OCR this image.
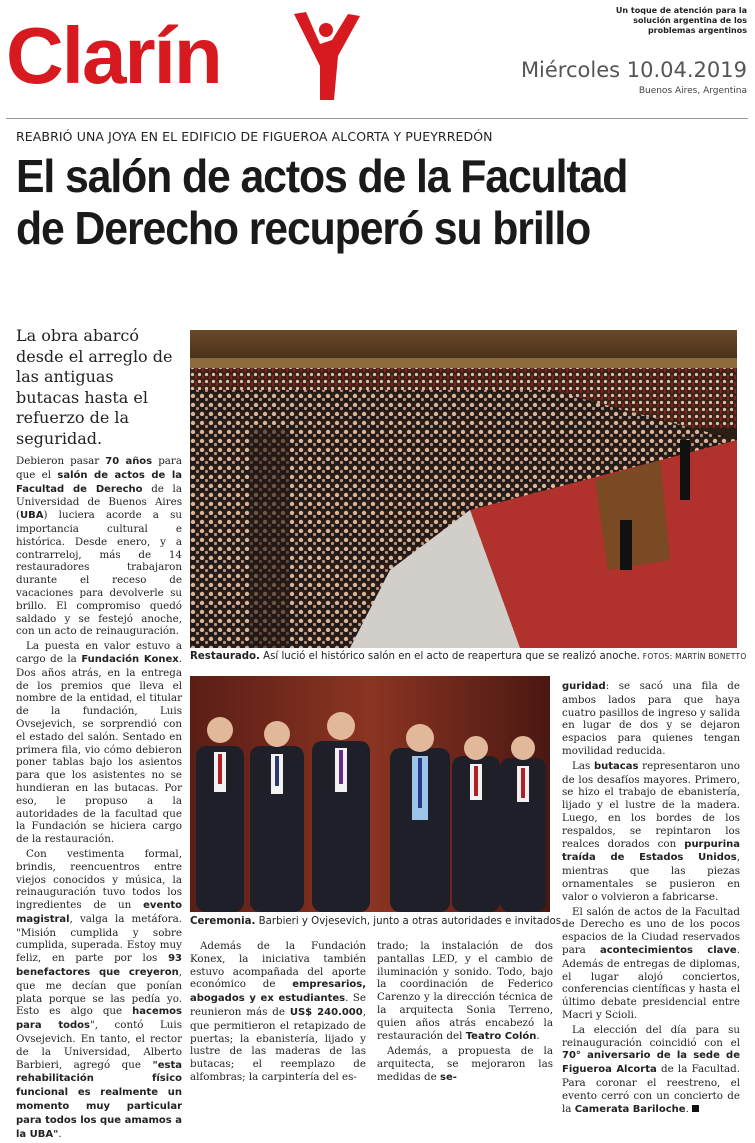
Clarín
Un toque de atención para la solución argentina de los problemas argentinos
Miércoles 10.04.2019
Buenos Aires, Argentina
REABRIÓ UNA JOYA EN EL EDIFICIO DE FIGUEROA ALCORTA Y PUEYRREDÓN
El salón de actos de la Facultad
de Derecho recuperó su brillo
La obra abarcó desde el arreglo de las antiguas butacas hasta el refuerzo de la seguridad.

Debieron pasar 70 años para que el salón de actos de la Facultad de Derecho de la Universidad de Buenos Aires (UBA) luciera acorde a su importancia cultural e histórica. Desde enero, y a contrarreloj, más de 14 restauradores trabajaron durante el receso de vacaciones para devolverle su brillo. El compromiso quedó saldado y se festejó anoche, con un acto de reinauguración.

La puesta en valor estuvo a cargo de la Fundación Konex. Dos años atrás, en la entrega de los premios que lleva el nombre de la entidad, el titular de la fundación, Luis Ovsejevich, se sorprendió con el estado del salón. Sentado en primera fila, vio cómo debieron poner tablas bajo los asientos para que los asistentes no se hundieran en las butacas. Por eso, le propuso a la autoridades de la facultad que la Fundación se hiciera cargo de la restauración.

Con vestimenta formal, brindis, reencuentros entre viejos conocidos y música, la reinauguración tuvo todos los ingredientes de un evento magistral, valga la metáfora. "Misión cumplida y sobre cumplida, superada. Estoy muy feliz, en parte por los 93 benefactores que creyeron, que me decían que ponían plata porque se las pedía yo. Esto es algo que hacemos para todos", contó Luis Ovsejevich. En tanto, el rector de la Universidad, Alberto Barbieri, agregó que "esta rehabilitación físico funcional es realmente un momento muy particular para todos los que amamos a la UBA".

Restaurado. Así lució el histórico salón en el acto de reapertura que se realizó anoche. FOTOS: MARTÍN BONETTO
Ceremonia. Barbieri y Ovjesevich, junto a otras autoridades e invitados.

Además de la Fundación Konex, la iniciativa también estuvo acompañada del aporte económico de empresarios, abogados y ex estudiantes. Se reunieron más de US$ 240.000, que permitieron el retapizado de puertas; la ebanistería, lijado y lustre de las maderas de las butacas; el reemplazo de alfombras; la carpintería del es-

trado; la instalación de dos pantallas LED, y el cambio de iluminación y sonido. Todo, bajo la coordinación de Federico Carenzo y la dirección técnica de la arquitecta Sonia Terreno, quien años atrás encabezó la restauración del Teatro Colón.

Además, a propuesta de la arquitecta, se mejoraron las medidas de se-

guridad: se sacó una fila de ambos lados para que haya cuatro pasillos de ingreso y salida en lugar de dos y se dejaron espacios para quienes tengan movilidad reducida.

Las butacas representaron uno de los desafíos mayores. Primero, se hizo el trabajo de ebanistería, lijado y el lustre de la madera. Luego, en los bordes de los respaldos, se repintaron los realces dorados con purpurina traída de Estados Unidos, mientras que las piezas ornamentales se pusieron en valor o volvieron a fabricarse.

El salón de actos de la Facultad de Derecho es uno de los pocos espacios de la Ciudad reservados para acontecimientos clave. Además de entregas de diplomas, el lugar alojó conciertos, conferencias científicas y hasta el último debate presidencial entre Macri y Scioli.

La elección del día para su reinauguración coincidió con el 70° aniversario de la sede de Figueroa Alcorta de la Facultad. Para coronar el reestreno, el evento cerró con un concierto de la Camerata Bariloche.
